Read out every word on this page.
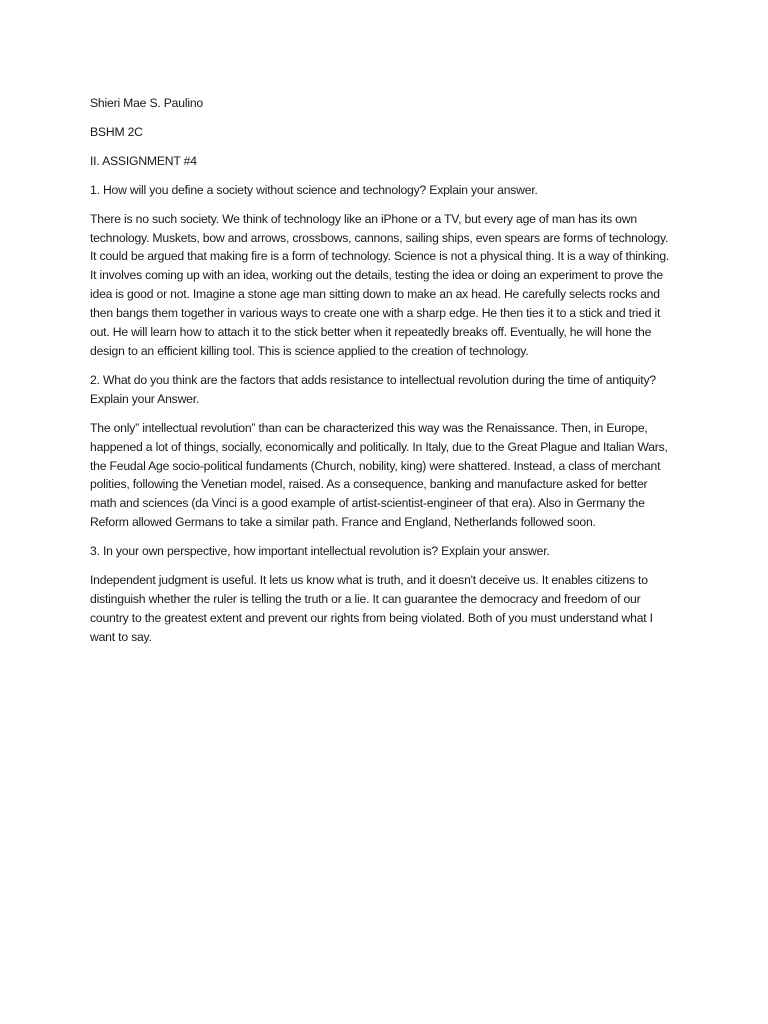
Shieri Mae S. Paulino

BSHM 2C

II. ASSIGNMENT #4

1. How will you define a society without science and technology? Explain your answer.

There is no such society. We think of technology like an iPhone or a TV, but every age of man has its own technology. Muskets, bow and arrows, crossbows, cannons, sailing ships, even spears are forms of technology. It could be argued that making fire is a form of technology. Science is not a physical thing. It is a way of thinking. It involves coming up with an idea, working out the details, testing the idea or doing an experiment to prove the idea is good or not. Imagine a stone age man sitting down to make an ax head. He carefully selects rocks and then bangs them together in various ways to create one with a sharp edge. He then ties it to a stick and tried it out. He will learn how to attach it to the stick better when it repeatedly breaks off. Eventually, he will hone the design to an efficient killing tool. This is science applied to the creation of technology.

2. What do you think are the factors that adds resistance to intellectual revolution during the time of antiquity? Explain your Answer.

The only” intellectual revolution” than can be characterized this way was the Renaissance. Then, in Europe, happened a lot of things, socially, economically and politically. In Italy, due to the Great Plague and Italian Wars, the Feudal Age socio-political fundaments (Church, nobility, king) were shattered. Instead, a class of merchant polities, following the Venetian model, raised. As a consequence, banking and manufacture asked for better math and sciences (da Vinci is a good example of artist-scientist-engineer of that era). Also in Germany the Reform allowed Germans to take a similar path. France and England, Netherlands followed soon.

3. In your own perspective, how important intellectual revolution is? Explain your answer.

Independent judgment is useful. It lets us know what is truth, and it doesn't deceive us. It enables citizens to distinguish whether the ruler is telling the truth or a lie. It can guarantee the democracy and freedom of our country to the greatest extent and prevent our rights from being violated. Both of you must understand what I want to say.
